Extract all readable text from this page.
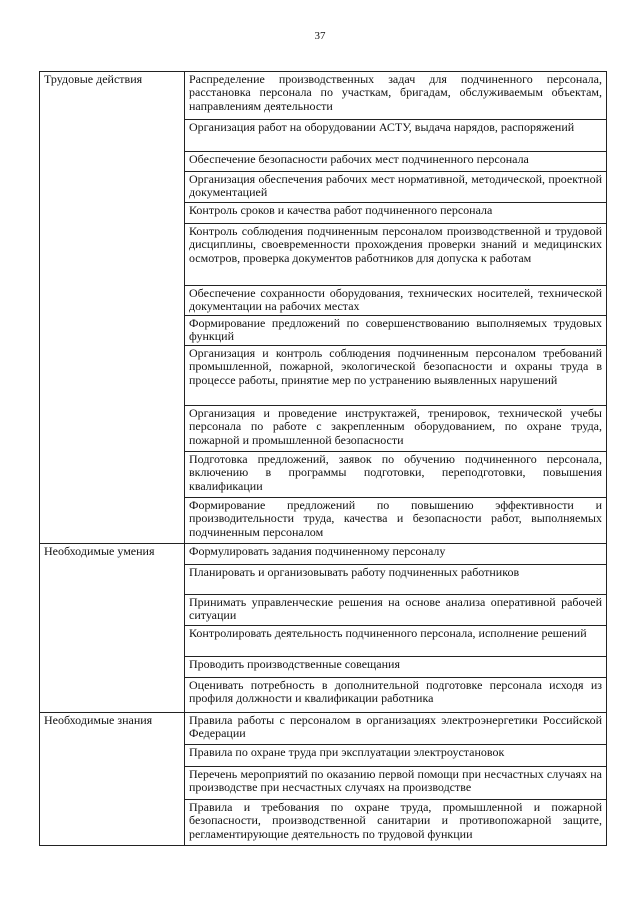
37
Трудовые действия	Распределение производственных задач для подчиненного персонала, расстановка персонала по участкам, бригадам, обслуживаемым объектам, направлениям деятельности
	Организация работ на оборудовании АСТУ, выдача нарядов, распоряжений
	Обеспечение безопасности рабочих мест подчиненного персонала
	Организация обеспечения рабочих мест нормативной, методической, проектной документацией
	Контроль сроков и качества работ подчиненного персонала
	Контроль соблюдения подчиненным персоналом производственной и трудовой дисциплины, своевременности прохождения проверки знаний и медицинских осмотров, проверка документов работников для допуска к работам
	Обеспечение сохранности оборудования, технических носителей, технической документации на рабочих местах
	Формирование предложений по совершенствованию выполняемых трудовых функций
	Организация и контроль соблюдения подчиненным персоналом требований промышленной, пожарной, экологической безопасности и охраны труда в процессе работы, принятие мер по устранению выявленных нарушений
	Организация и проведение инструктажей, тренировок, технической учебы персонала по работе с закрепленным оборудованием, по охране труда, пожарной и промышленной безопасности
	Подготовка предложений, заявок по обучению подчиненного персонала, включению в программы подготовки, переподготовки, повышения квалификации
	Формирование предложений по повышению эффективности и производительности труда, качества и безопасности работ, выполняемых подчиненным персоналом
Необходимые умения	Формулировать задания подчиненному персоналу
	Планировать и организовывать работу подчиненных работников
	Принимать управленческие решения на основе анализа оперативной рабочей ситуации
	Контролировать деятельность подчиненного персонала, исполнение решений
	Проводить производственные совещания
	Оценивать потребность в дополнительной подготовке персонала исходя из профиля должности и квалификации работника
Необходимые знания	Правила работы с персоналом в организациях электроэнергетики Российской Федерации
	Правила по охране труда при эксплуатации электроустановок
	Перечень мероприятий по оказанию первой помощи при несчастных случаях на производстве при несчастных случаях на производстве
	Правила и требования по охране труда, промышленной и пожарной безопасности, производственной санитарии и противопожарной защите, регламентирующие деятельность по трудовой функции
